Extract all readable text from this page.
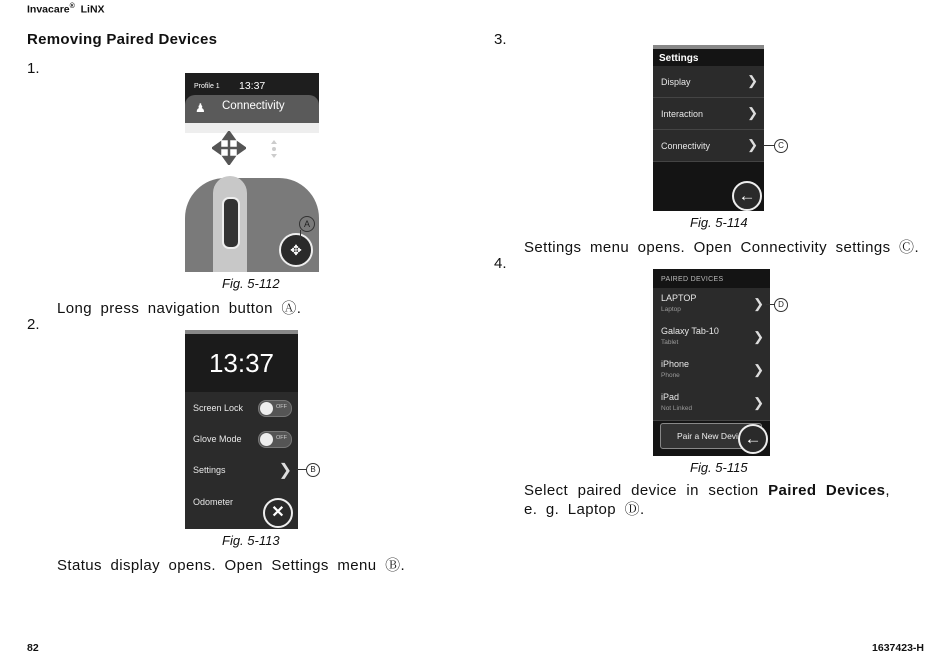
Invacare® LiNX
Removing Paired Devices
1.
Profile 1 13:37
♟ Connectivity
✥
A
Fig. 5-112
Long press navigation button Ⓐ.
2.
13:37
Screen Lock	OFF
Glove Mode	OFF
Settings	❯
Odometer
✕
B
Fig. 5-113
Status display opens. Open Settings menu Ⓑ.
3.
Settings
Display	❯
Interaction	❯
Connectivity	❯
←
C
Fig. 5-114
Settings menu opens. Open Connectivity settings Ⓒ.
4.
PAIRED DEVICES
LAPTOP
Laptop	❯
Galaxy Tab-10
Tablet	❯
iPhone
Phone	❯
iPad
Not Linked	❯
Pair a New Devi ←
D
Fig. 5-115
Select paired device in section Paired Devices, e. g. Laptop Ⓓ.
82	1637423-H
